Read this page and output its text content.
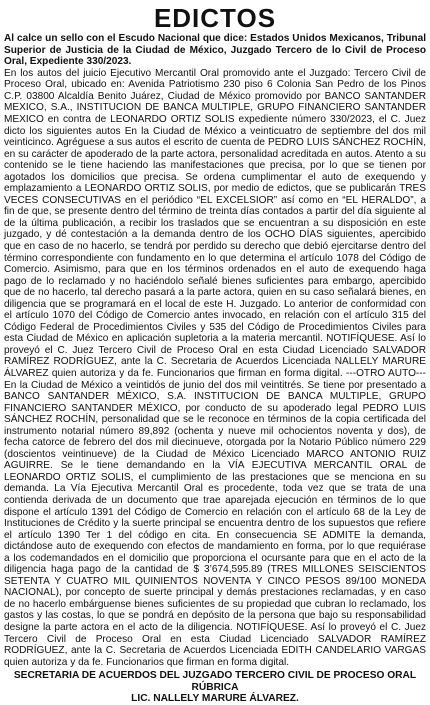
EDICTOS

Al calce un sello con el Escudo Nacional que dice: Estados Unidos Mexicanos, Tribunal Superior de Justicia de la Ciudad de México, Juzgado Tercero de lo Civil de Proceso Oral, Expediente 330/2023.

En los autos del juicio Ejecutivo Mercantil Oral promovido ante el Juzgado: Tercero Civil de Proceso Oral, ubicado en: Avenida Patriotismo 230 piso 6 Colonia San Pedro de los Pinos C.P. 03800 Alcaldía Benito Juárez, Ciudad de México promovido por BANCO SANTANDER MEXICO, S.A., INSTITUCION DE BANCA MULTIPLE, GRUPO FINANCIERO SANTANDER MEXICO en contra de LEONARDO ORTIZ SOLIS expediente número 330/2023, el C. Juez dicto los siguientes autos En la Ciudad de México a veinticuatro de septiembre del dos mil veinticinco. Agréguese a sus autos el escrito de cuenta de PEDRO LUIS SÁNCHEZ ROCHÍN, en su carácter de apoderado de la parte actora, personalidad acreditada en autos. Atento a su contenido se le tiene haciendo las manifestaciones que precisa, por lo que se tienen por agotados los domicilios que precisa. Se ordena cumplimentar el auto de exequendo y emplazamiento a LEONARDO ORTIZ SOLIS, por medio de edictos, que se publicarán TRES VECES CONSECUTIVAS en el periódico “EL EXCELSIOR” así como en “EL HERALDO”, a fin de que, se presente dentro del término de treinta días contados a partir del día siguiente al de la última publicación, a recibir los traslados que se encuentran a su disposición en este juzgado, y dé contestación a la demanda dentro de los OCHO DÍAS siguientes, apercibido que en caso de no hacerlo, se tendrá por perdido su derecho que debió ejercitarse dentro del término correspondiente con fundamento en lo que determina el artículo 1078 del Código de Comercio. Asimismo, para que en los términos ordenados en el auto de exequendo haga pago de lo reclamado y no haciéndolo señalé bienes suficientes para embargo, apercibido que de no hacerlo, tal derecho pasará a la parte actora, quien en su caso señalará bienes, en diligencia que se programará en el local de este H. Juzgado. Lo anterior de conformidad con el artículo 1070 del Código de Comercio antes invocado, en relación con el artículo 315 del Código Federal de Procedimientos Civiles y 535 del Código de Procedimientos Civiles para esta Ciudad de México en aplicación supletoria a la materia mercantil. NOTIFÍQUESE. Así lo proveyó el C. Juez Tercero Civil de Proceso Oral en esta Ciudad Licenciado SALVADOR RAMÍREZ RODRÍGUEZ, ante la C. Secretaria de Acuerdos Licenciada NALLELY MARURE ÁLVAREZ quien autoriza y da fe. Funcionarios que firman en forma digital. ---OTRO AUTO--- En la Ciudad de México a veintidós de junio del dos mil veintitrés. Se tiene por presentado a BANCO SANTANDER MÉXICO, S.A. INSTITUCION DE BANCA MULTIPLE, GRUPO FINANCIERO SANTANDER MÉXICO, por conducto de su apoderado legal PEDRO LUIS SÁNCHEZ ROCHÍN, personalidad que se le reconoce en términos de la copia certificada del instrumento notarial número 89,892 (ochenta y nueve mil ochocientos noventa y dos), de fecha catorce de febrero del dos mil diecinueve, otorgada por la Notario Público número 229 (doscientos veintinueve) de la Ciudad de México Licenciado MARCO ANTONIO RUIZ AGUIRRE. Se le tiene demandando en la VÍA EJECUTIVA MERCANTIL ORAL de LEONARDO ORTIZ SOLIS, el cumplimiento de las prestaciones que se menciona en su demanda. La Vía Ejecutiva Mercantil Oral es procedente, toda vez que se trata de una contienda derivada de un documento que trae aparejada ejecución en términos de lo que dispone el artículo 1391 del Código de Comercio en relación con el artículo 68 de la Ley de Instituciones de Crédito y la suerte principal se encuentra dentro de los supuestos que refiere el artículo 1390 Ter 1 del código en cita. En consecuencia SE ADMITE la demanda, dictándose auto de exequendo con efectos de mandamiento en forma, por lo que requiérase a los codemandados en el domicilio que proporciona el ocursante para que en el acto de la diligencia haga pago de la cantidad de $ 3’674,595.89 (TRES MILLONES SEISCIENTOS SETENTA Y CUATRO MIL QUINIENTOS NOVENTA Y CINCO PESOS 89/100 MONEDA NACIONAL), por concepto de suerte principal y demás prestaciones reclamadas, y en caso de no hacerlo embárguense bienes suficientes de su propiedad que cubran lo reclamado, los gastos y las costas, lo que se pondrá en depósito de la persona que bajo su responsabilidad designe la parte actora en el acto de la diligencia. NOTIFÍQUESE. Así lo proveyó el C. Juez Tercero Civil de Proceso Oral en esta Ciudad Licenciado SALVADOR RAMÍREZ RODRÍGUEZ, ante la C. Secretaria de Acuerdos Licenciada EDITH CANDELARIO VARGAS quien autoriza y da fe. Funcionarios que firman en forma digital.

SECRETARIA DE ACUERDOS DEL JUZGADO TERCERO CIVIL DE PROCESO ORAL
RÚBRICA
LIC. NALLELY MARURE ÁLVAREZ.
